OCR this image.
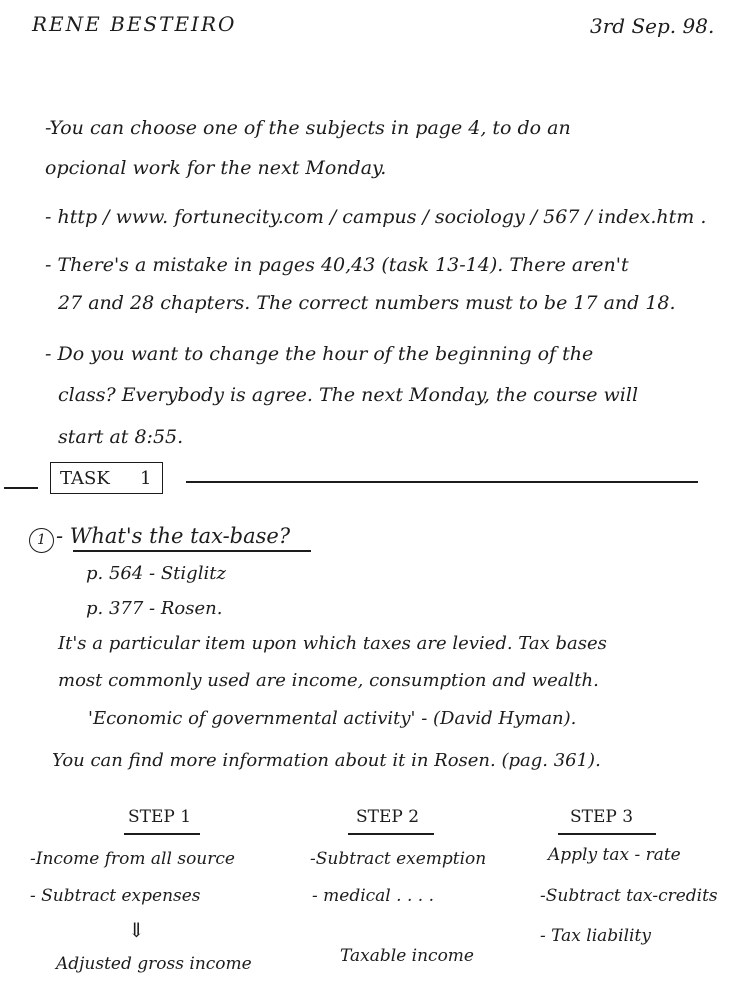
RENE BESTEIRO	3rd Sep. 98.
-You can choose one of the subjects in page 4, to do an
opcional work for the next Monday.
- http / www. fortunecity.com / campus / sociology / 567 / index.htm .
- There's a mistake in pages 40,43 (task 13-14). There aren't
27 and 28 chapters. The correct numbers must to be 17 and 18.
- Do you want to change the hour of the beginning of the
class? Everybody is agree. The next Monday, the course will
start at 8:55.
TASK 1
1 - What's the tax-base?
p. 564 - Stiglitz
p. 377 - Rosen.
It's a particular item upon which taxes are levied. Tax bases
most commonly used are income, consumption and wealth.
'Economic of governmental activity' - (David Hyman).
You can find more information about it in Rosen. (pag. 361).
STEP 1
-Income from all source
- Subtract expenses
⇓
Adjusted gross income
STEP 2
-Subtract exemption
- medical . . . .
Taxable income
STEP 3
Apply tax - rate
-Subtract tax-credits
- Tax liability
